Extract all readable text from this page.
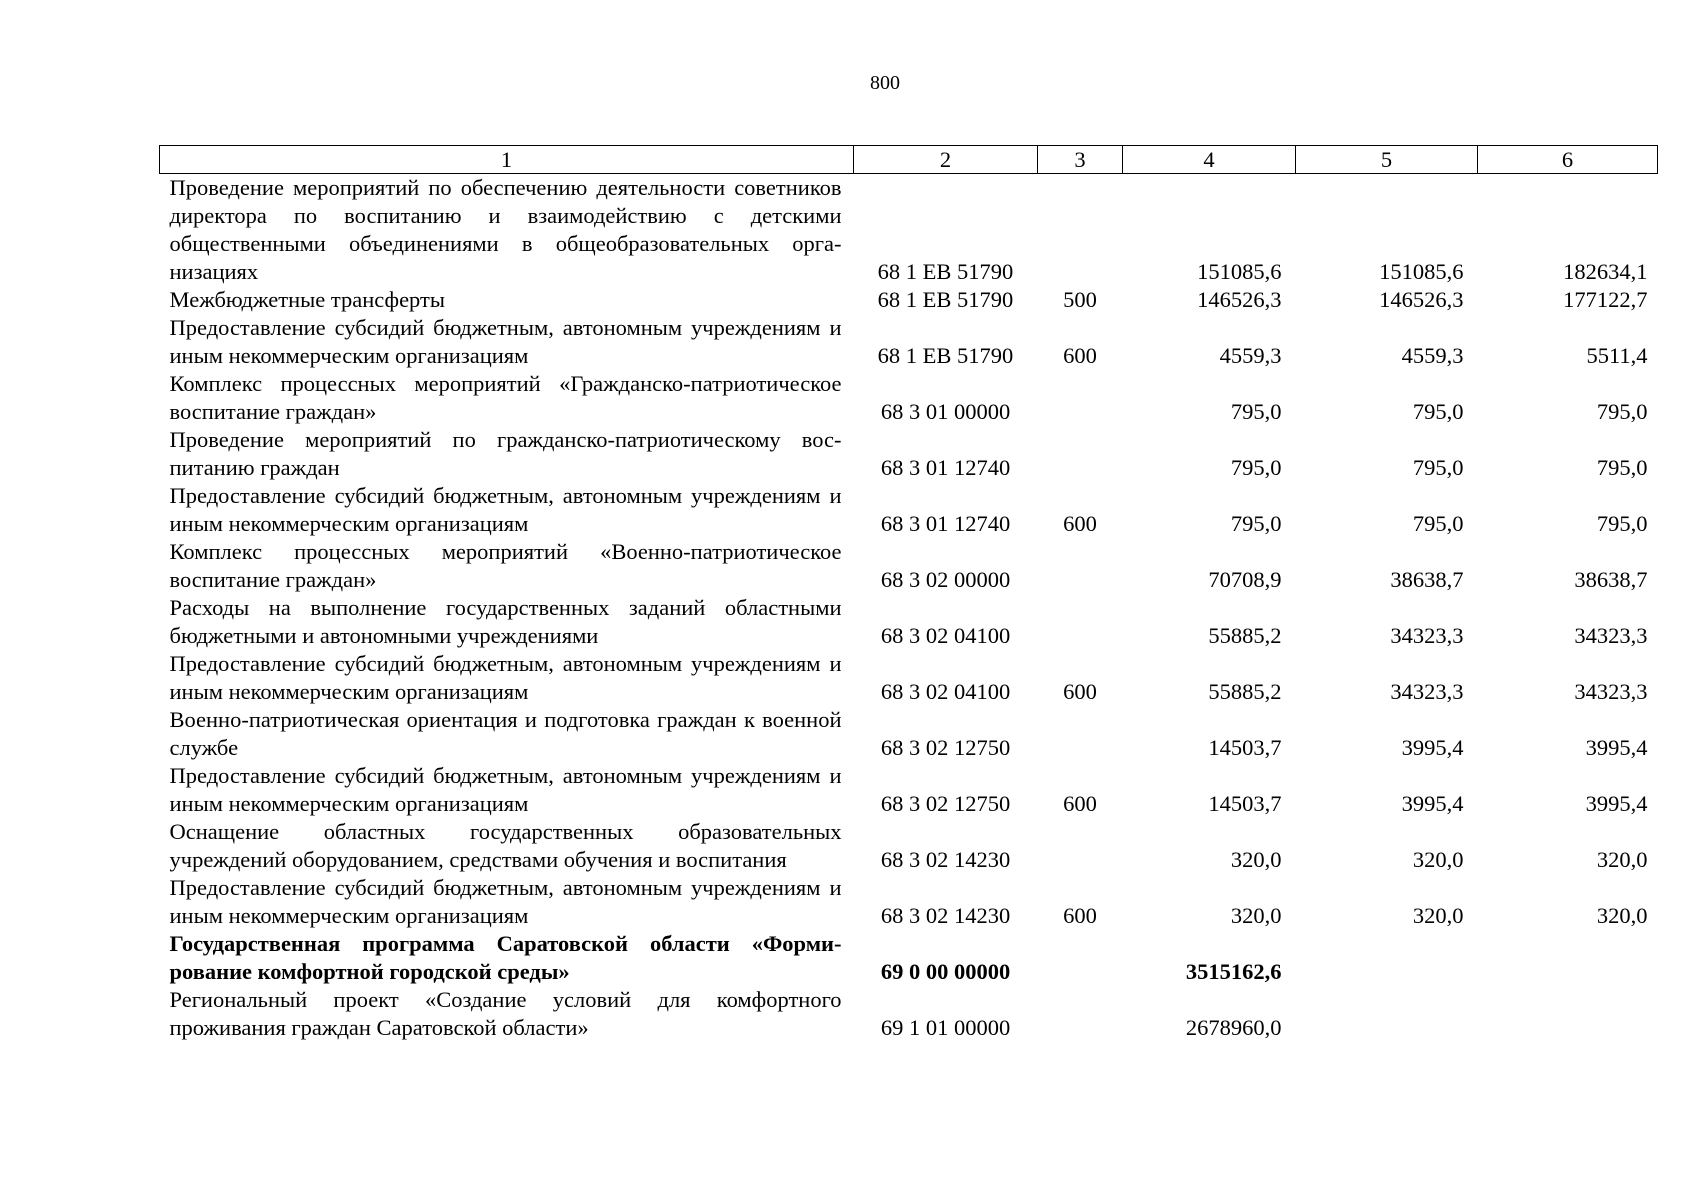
800
1	2	3	4	5	6
Проведение мероприятий по обеспечению деятельности советников директора по воспитанию и взаимодействию с детскими общественными объединениями в общеобразовательных организациях	68 1 EB 51790		151085,6	151085,6	182634,1
Межбюджетные трансферты	68 1 EB 51790	500	146526,3	146526,3	177122,7
Предоставление субсидий бюджетным, автономным учреждениям и иным некоммерческим организациям	68 1 EB 51790	600	4559,3	4559,3	5511,4
Комплекс процессных мероприятий «Гражданско-патриотическое воспитание граждан»	68 3 01 00000		795,0	795,0	795,0
Проведение мероприятий по гражданско-патриотическому воспитанию граждан	68 3 01 12740		795,0	795,0	795,0
Предоставление субсидий бюджетным, автономным учреждениям и иным некоммерческим организациям	68 3 01 12740	600	795,0	795,0	795,0
Комплекс процессных мероприятий «Военно-патриотическое воспитание граждан»	68 3 02 00000		70708,9	38638,7	38638,7
Расходы на выполнение государственных заданий областными бюджетными и автономными учреждениями	68 3 02 04100		55885,2	34323,3	34323,3
Предоставление субсидий бюджетным, автономным учреждениям и иным некоммерческим организациям	68 3 02 04100	600	55885,2	34323,3	34323,3
Военно-патриотическая ориентация и подготовка граждан к военной службе	68 3 02 12750		14503,7	3995,4	3995,4
Предоставление субсидий бюджетным, автономным учреждениям и иным некоммерческим организациям	68 3 02 12750	600	14503,7	3995,4	3995,4
Оснащение областных государственных образовательных учреждений оборудованием, средствами обучения и воспитания	68 3 02 14230		320,0	320,0	320,0
Предоставление субсидий бюджетным, автономным учреждениям и иным некоммерческим организациям	68 3 02 14230	600	320,0	320,0	320,0
Государственная программа Саратовской области «Формирование комфортной городской среды»	69 0 00 00000		3515162,6		
Региональный проект «Создание условий для комфортного проживания граждан Саратовской области»	69 1 01 00000		2678960,0		
